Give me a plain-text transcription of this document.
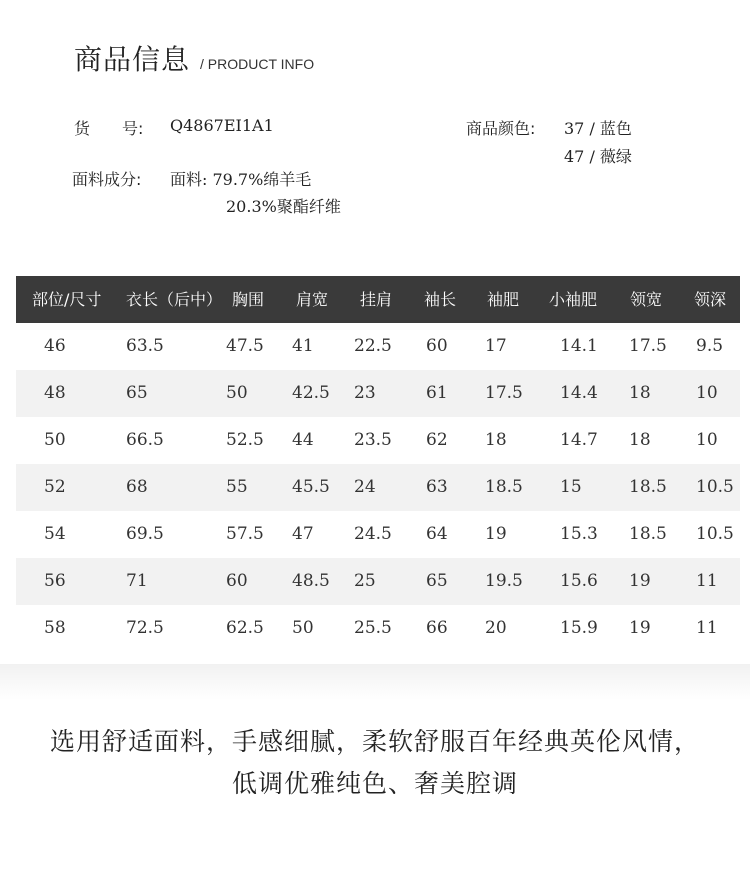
商品信息 / PRODUCT INFO
货　　号: Q4867EI1A1	商品颜色: 37 / 蓝色
47 / 薇绿
面料成分: 面料: 79.7%绵羊毛
20.3%聚酯纤维
部位/尺寸 衣长（后中） 胸围 肩宽 挂肩 袖长 袖肥 小袖肥 领宽 领深
46	63.5	47.5 41 22.5 60 17	14.1 17.5 9.5
48	65	50	42.5 23	61 17.5 14.4 18	10
50	66.5	52.5 44 23.5 62 18	14.7 18	10
52	68	55	45.5 24	63 18.5 15	18.5 10.5
54	69.5	57.5 47 24.5 64 19	15.3 18.5 10.5
56	71	60	48.5 25	65 19.5 15.6 19	11
58	72.5	62.5 50 25.5 66 20	15.9 19	11
选用舒适面料，手感细腻，柔软舒服百年经典英伦风情，
低调优雅纯色、奢美腔调
